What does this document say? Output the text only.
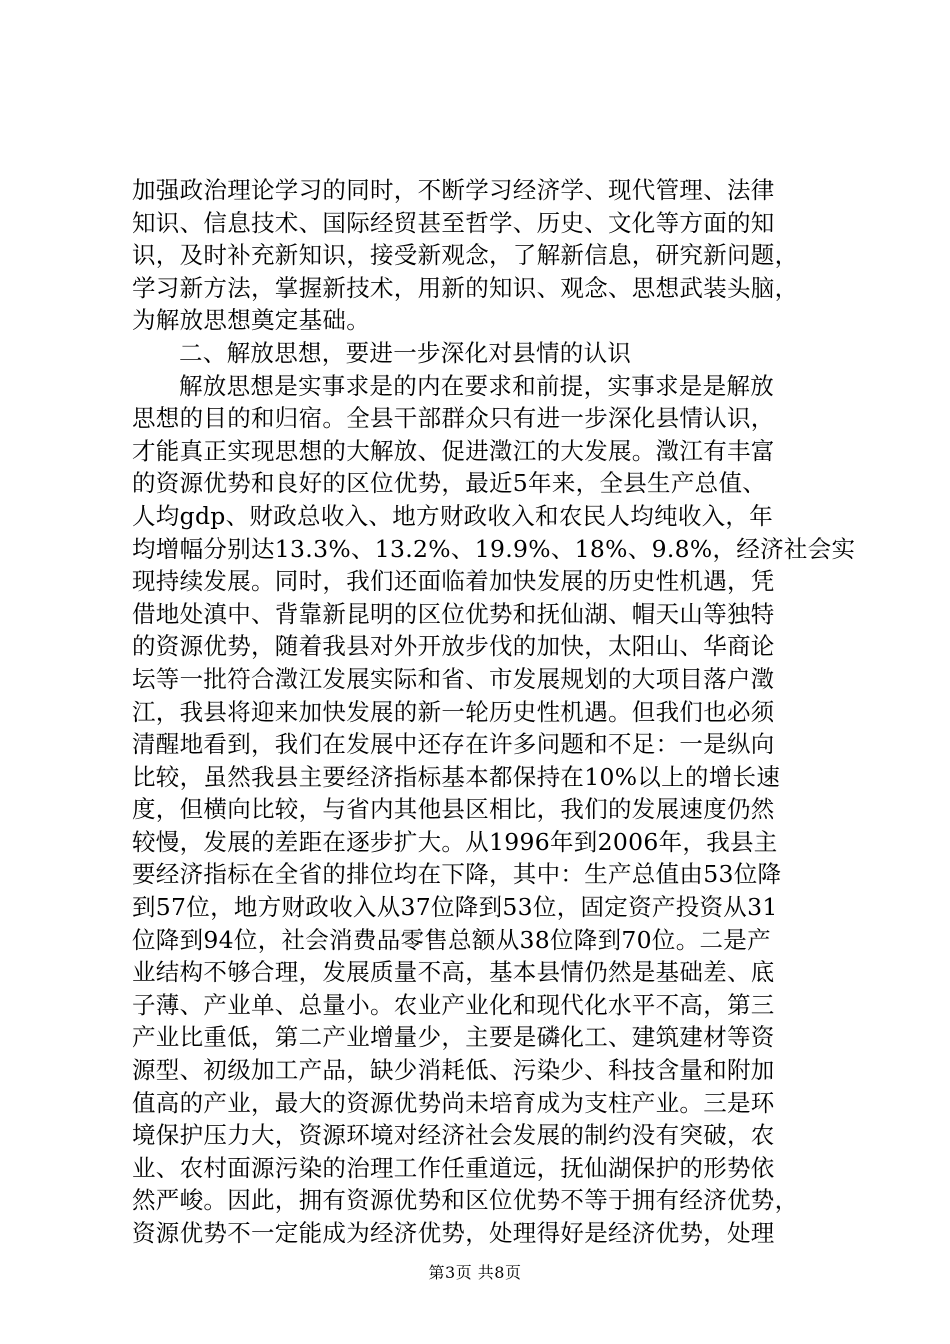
加强政治理论学习的同时，不断学习经济学、现代管理、法律
知识、信息技术、国际经贸甚至哲学、历史、文化等方面的知
识，及时补充新知识，接受新观念，了解新信息，研究新问题，
学习新方法，掌握新技术，用新的知识、观念、思想武装头脑，
为解放思想奠定基础。

二、解放思想，要进一步深化对县情的认识

解放思想是实事求是的内在要求和前提，实事求是是解放
思想的目的和归宿。全县干部群众只有进一步深化县情认识，
才能真正实现思想的大解放、促进澂江的大发展。澂江有丰富
的资源优势和良好的区位优势，最近5年来，全县生产总值、
人均gdp、财政总收入、地方财政收入和农民人均纯收入，年
均增幅分别达13.3%、13.2%、19.9%、18%、9.8%，经济社会实
现持续发展。同时，我们还面临着加快发展的历史性机遇，凭
借地处滇中、背靠新昆明的区位优势和抚仙湖、帽天山等独特
的资源优势，随着我县对外开放步伐的加快，太阳山、华商论
坛等一批符合澂江发展实际和省、市发展规划的大项目落户澂
江，我县将迎来加快发展的新一轮历史性机遇。但我们也必须
清醒地看到，我们在发展中还存在许多问题和不足：一是纵向
比较，虽然我县主要经济指标基本都保持在10%以上的增长速
度，但横向比较，与省内其他县区相比，我们的发展速度仍然
较慢，发展的差距在逐步扩大。从1996年到2006年，我县主
要经济指标在全省的排位均在下降，其中：生产总值由53位降
到57位，地方财政收入从37位降到53位，固定资产投资从31
位降到94位，社会消费品零售总额从38位降到70位。二是产
业结构不够合理，发展质量不高，基本县情仍然是基础差、底
子薄、产业单、总量小。农业产业化和现代化水平不高，第三
产业比重低，第二产业增量少，主要是磷化工、建筑建材等资
源型、初级加工产品，缺少消耗低、污染少、科技含量和附加
值高的产业，最大的资源优势尚未培育成为支柱产业。三是环
境保护压力大，资源环境对经济社会发展的制约没有突破，农
业、农村面源污染的治理工作任重道远，抚仙湖保护的形势依
然严峻。因此，拥有资源优势和区位优势不等于拥有经济优势，
资源优势不一定能成为经济优势，处理得好是经济优势，处理

第3页 共8页
